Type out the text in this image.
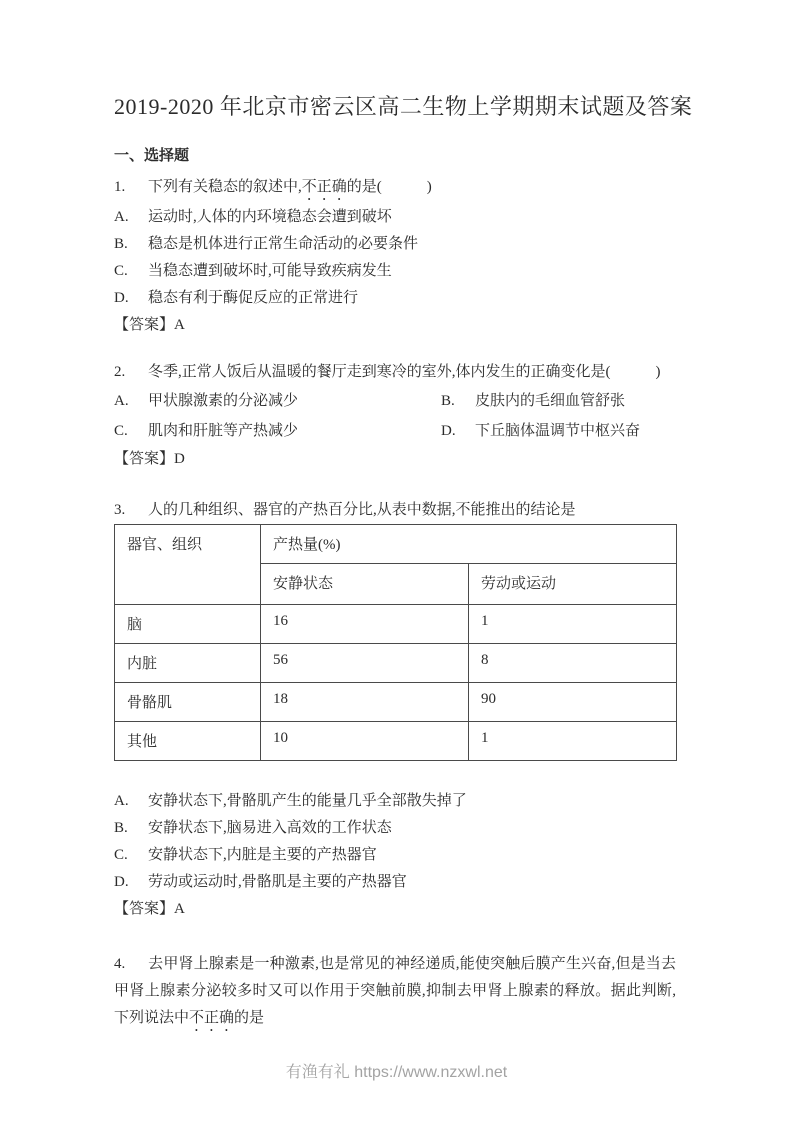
2019-2020 年北京市密云区高二生物上学期期末试题及答案
一、选择题
1. 下列有关稳态的叙述中,不正确的是(　　　)
A. 运动时,人体的内环境稳态会遭到破坏
B. 稳态是机体进行正常生命活动的必要条件
C. 当稳态遭到破坏时,可能导致疾病发生
D. 稳态有利于酶促反应的正常进行
【答案】A
2. 冬季,正常人饭后从温暖的餐厅走到寒冷的室外,体内发生的正确变化是(　　　)
A. 甲状腺激素的分泌减少	B. 皮肤内的毛细血管舒张
C. 肌肉和肝脏等产热减少	D. 下丘脑体温调节中枢兴奋
【答案】D
3. 人的几种组织、器官的产热百分比,从表中数据,不能推出的结论是
器官、组织	产热量(%)	
	安静状态	劳动或运动
脑	16	1
内脏	56	8
骨骼肌	18	90
其他	10	1
A. 安静状态下,骨骼肌产生的能量几乎全部散失掉了
B. 安静状态下,脑易进入高效的工作状态
C. 安静状态下,内脏是主要的产热器官
D. 劳动或运动时,骨骼肌是主要的产热器官
【答案】A
4. 去甲肾上腺素是一种激素,也是常见的神经递质,能使突触后膜产生兴奋,但是当去甲肾上腺素分泌较多时又可以作用于突触前膜,抑制去甲肾上腺素的释放。据此判断,下列说法中不正确的是
有渔有礼 https://www.nzxwl.net
